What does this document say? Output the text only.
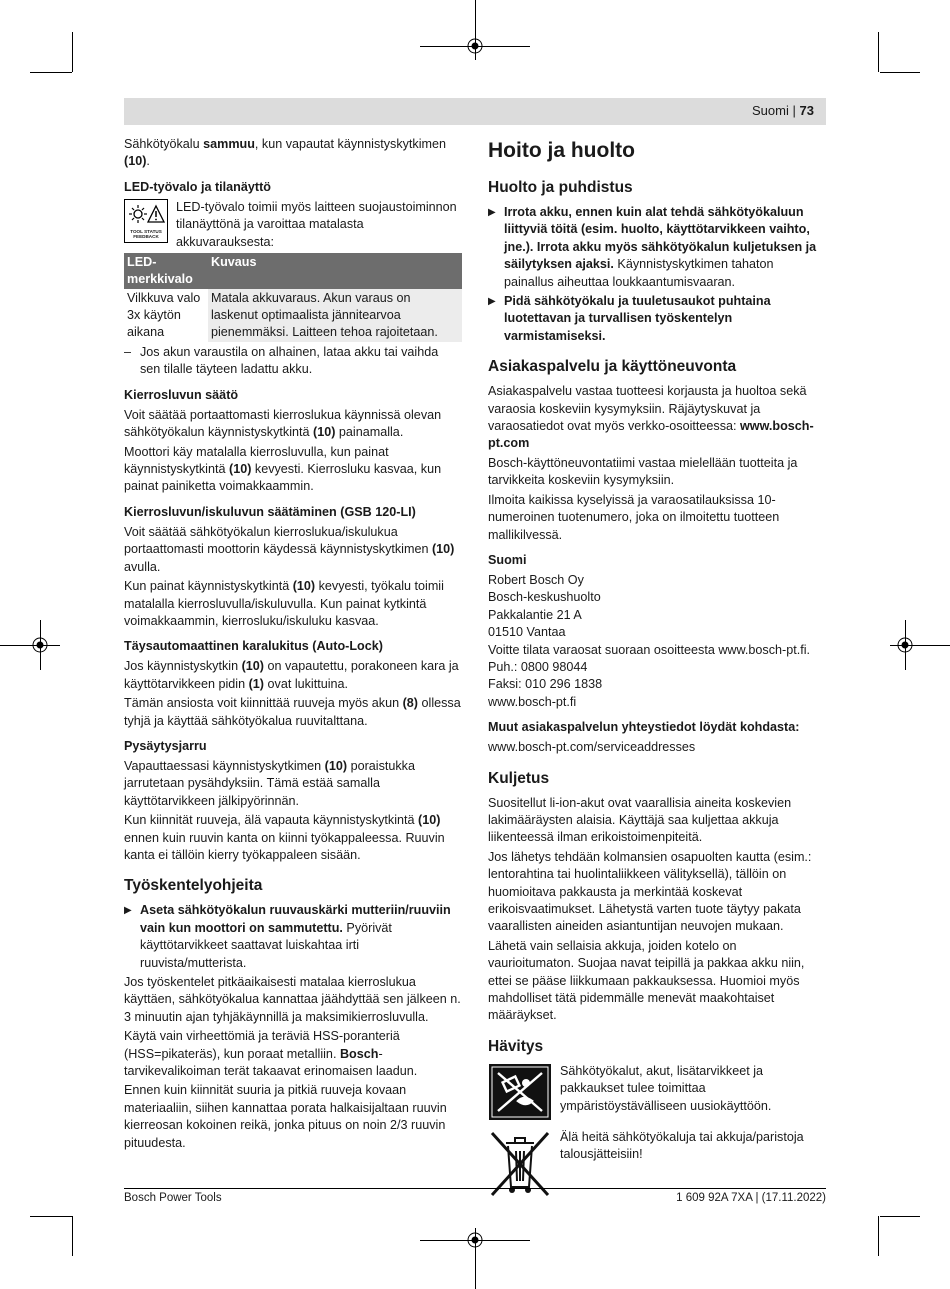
Suomi | 73

Sähkötyökalu sammuu, kun vapautat käynnistyskytkimen (10).

LED-työvalo ja tilanäyttö
TOOL STATUS FEEDBACK
LED-työvalo toimii myös laitteen suojaustoiminnon tilanäyttönä ja varoittaa matalasta akkuvarauksesta:
LED-merkkivalo	Kuvaus
Vilkkuva valo 3x käytön aikana	Matala akkuvaraus. Akun varaus on laskenut optimaalista jännitearvoa pienemmäksi. Laitteen tehoa rajoitetaan.
– Jos akun varaustila on alhainen, lataa akku tai vaihda sen tilalle täyteen ladattu akku.
Kierrosluvun säätö

Voit säätää portaattomasti kierroslukua käynnissä olevan sähkötyökalun käynnistyskytkintä (10) painamalla.

Moottori käy matalalla kierrosluvulla, kun painat käynnistyskytkintä (10) kevyesti. Kierrosluku kasvaa, kun painat painiketta voimakkaammin.

Kierrosluvun/iskuluvun säätäminen (GSB 120-LI)

Voit säätää sähkötyökalun kierroslukua/iskulukua portaattomasti moottorin käydessä käynnistyskytkimen (10) avulla.

Kun painat käynnistyskytkintä (10) kevyesti, työkalu toimii matalalla kierrosluvulla/iskuluvulla. Kun painat kytkintä voimakkaammin, kierrosluku/iskuluku kasvaa.

Täysautomaattinen karalukitus (Auto-Lock)

Jos käynnistyskytkin (10) on vapautettu, porakoneen kara ja käyttötarvikkeen pidin (1) ovat lukittuina.

Tämän ansiosta voit kiinnittää ruuveja myös akun (8) ollessa tyhjä ja käyttää sähkötyökalua ruuvitalttana.

Pysäytysjarru

Vapauttaessasi käynnistyskytkimen (10) poraistukka jarrutetaan pysähdyksiin. Tämä estää samalla käyttötarvikkeen jälkipyörinnän.

Kun kiinnität ruuveja, älä vapauta käynnistyskytkintä (10) ennen kuin ruuvin kanta on kiinni työkappaleessa. Ruuvin kanta ei tällöin kierry työkappaleen sisään.

Työskentelyohjeita
▶ Aseta sähkötyökalun ruuvauskärki mutteriin/ruuviin vain kun moottori on sammutettu. Pyörivät käyttötarvikkeet saattavat luiskahtaa irti ruuvista/mutterista.

Jos työskentelet pitkäaikaisesti matalaa kierroslukua käyttäen, sähkötyökalua kannattaa jäähdyttää sen jälkeen n. 3 minuutin ajan tyhjäkäynnillä ja maksimikierrosluvulla.

Käytä vain virheettömiä ja teräviä HSS-poranteriä (HSS=pikateräs), kun poraat metalliin. Bosch-tarvikevalikoiman terät takaavat erinomaisen laadun.

Ennen kuin kiinnität suuria ja pitkiä ruuveja kovaan materiaaliin, siihen kannattaa porata halkaisijaltaan ruuvin kierreosan kokoinen reikä, jonka pituus on noin 2/3 ruuvin pituudesta.

Hoito ja huolto
Huolto ja puhdistus
▶ Irrota akku, ennen kuin alat tehdä sähkötyökaluun liittyviä töitä (esim. huolto, käyttötarvikkeen vaihto, jne.). Irrota akku myös sähkötyökalun kuljetuksen ja säilytyksen ajaksi. Käynnistyskytkimen tahaton painallus aiheuttaa loukkaantumisvaaran.
▶ Pidä sähkötyökalu ja tuuletusaukot puhtaina luotettavan ja turvallisen työskentelyn varmistamiseksi.
Asiakaspalvelu ja käyttöneuvonta

Asiakaspalvelu vastaa tuotteesi korjausta ja huoltoa sekä varaosia koskeviin kysymyksiin. Räjäytyskuvat ja varaosatiedot ovat myös verkko-osoitteessa: www.bosch-pt.com

Bosch-käyttöneuvontatiimi vastaa mielellään tuotteita ja tarvikkeita koskeviin kysymyksiin.

Ilmoita kaikissa kyselyissä ja varaosatilauksissa 10-numeroinen tuotenumero, joka on ilmoitettu tuotteen mallikilvessä.

Suomi
Robert Bosch Oy
Bosch-keskushuolto
Pakkalantie 21 A
01510 Vantaa
Voitte tilata varaosat suoraan osoitteesta www.bosch-pt.fi.
Puh.: 0800 98044
Faksi: 010 296 1838
www.bosch-pt.fi
Muut asiakaspalvelun yhteystiedot löydät kohdasta:

www.bosch-pt.com/serviceaddresses

Kuljetus

Suositellut li-ion-akut ovat vaarallisia aineita koskevien lakimääräysten alaisia. Käyttäjä saa kuljettaa akkuja liikenteessä ilman erikoistoimenpiteitä.

Jos lähetys tehdään kolmansien osapuolten kautta (esim.: lentorahtina tai huolintaliikkeen välityksellä), tällöin on huomioitava pakkausta ja merkintää koskevat erikoisvaatimukset. Lähetystä varten tuote täytyy pakata vaarallisten aineiden asiantuntijan neuvojen mukaan.

Lähetä vain sellaisia akkuja, joiden kotelo on vaurioitumaton. Suojaa navat teipillä ja pakkaa akku niin, ettei se pääse liikkumaan pakkauksessa. Huomioi myös mahdolliset tätä pidemmälle menevät maakohtaiset määräykset.

Hävitys
Sähkötyökalut, akut, lisätarvikkeet ja pakkaukset tulee toimittaa ympäristöystävälliseen uusiokäyttöön.
Älä heitä sähkötyökaluja tai akkuja/paristoja talousjätteisiin!
Bosch Power Tools	1 609 92A 7XA | (17.11.2022)
